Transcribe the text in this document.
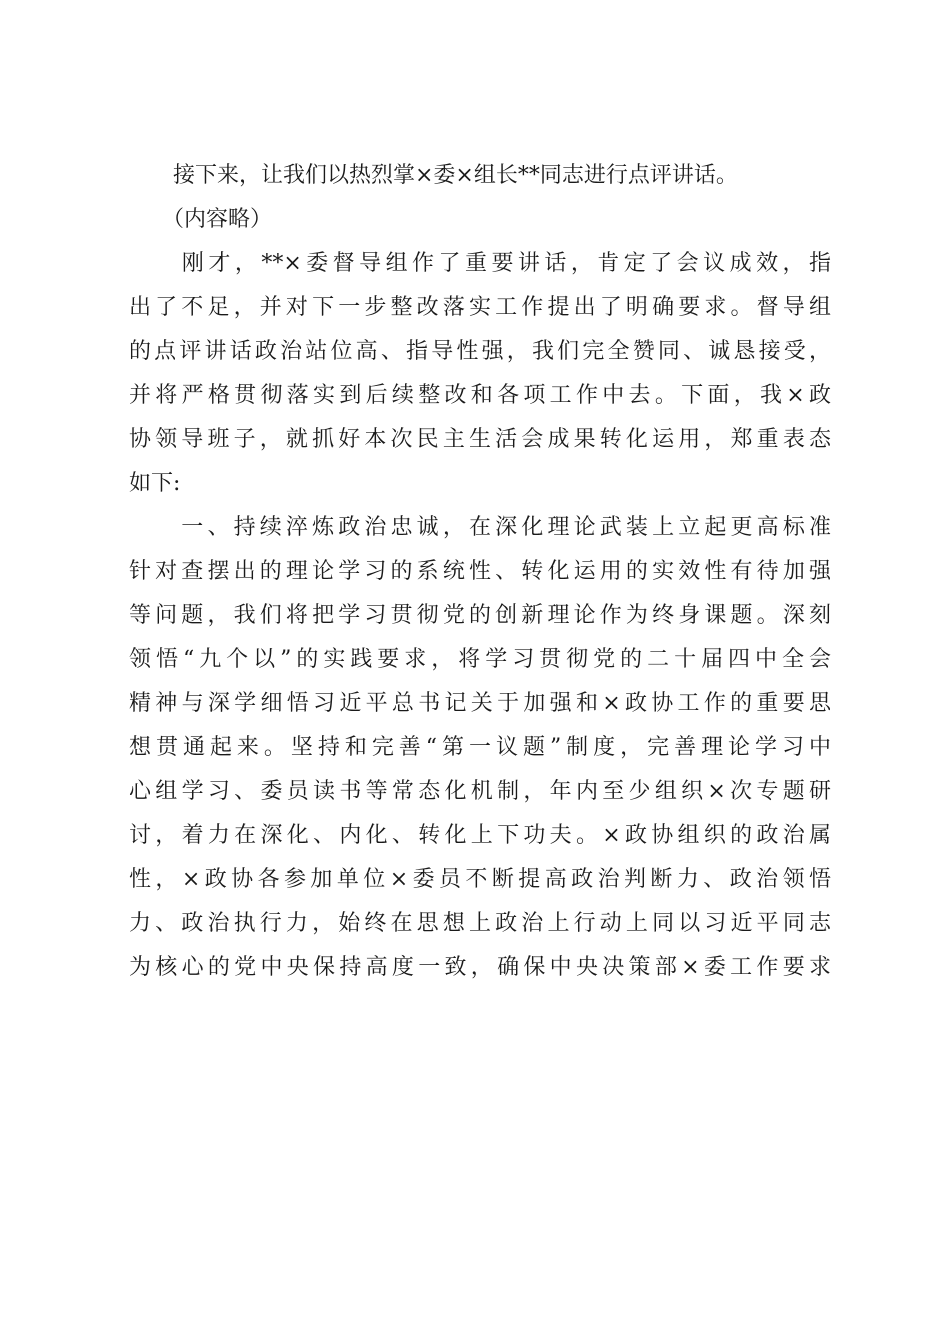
　　接下来，让我们以热烈掌×委×组长**同志进行点评讲话。
　　（内容略）
　　刚才，**×委督导组作了重要讲话，肯定了会议成效，指
出了不足，并对下一步整改落实工作提出了明确要求。督导组
的点评讲话政治站位高、指导性强，我们完全赞同、诚恳接受，
并将严格贯彻落实到后续整改和各项工作中去。下面，我×政
协领导班子，就抓好本次民主生活会成果转化运用，郑重表态
如下:
　　一、持续淬炼政治忠诚，在深化理论武装上立起更高标准
针对查摆出的理论学习的系统性、转化运用的实效性有待加强
等问题，我们将把学习贯彻党的创新理论作为终身课题。深刻
领悟“九个以”的实践要求，将学习贯彻党的二十届四中全会
精神与深学细悟习近平总书记关于加强和×政协工作的重要思
想贯通起来。坚持和完善“第一议题”制度，完善理论学习中
心组学习、委员读书等常态化机制，年内至少组织×次专题研
讨，着力在深化、内化、转化上下功夫。×政协组织的政治属
性，×政协各参加单位×委员不断提高政治判断力、政治领悟
力、政治执行力，始终在思想上政治上行动上同以习近平同志
为核心的党中央保持高度一致，确保中央决策部×委工作要求
